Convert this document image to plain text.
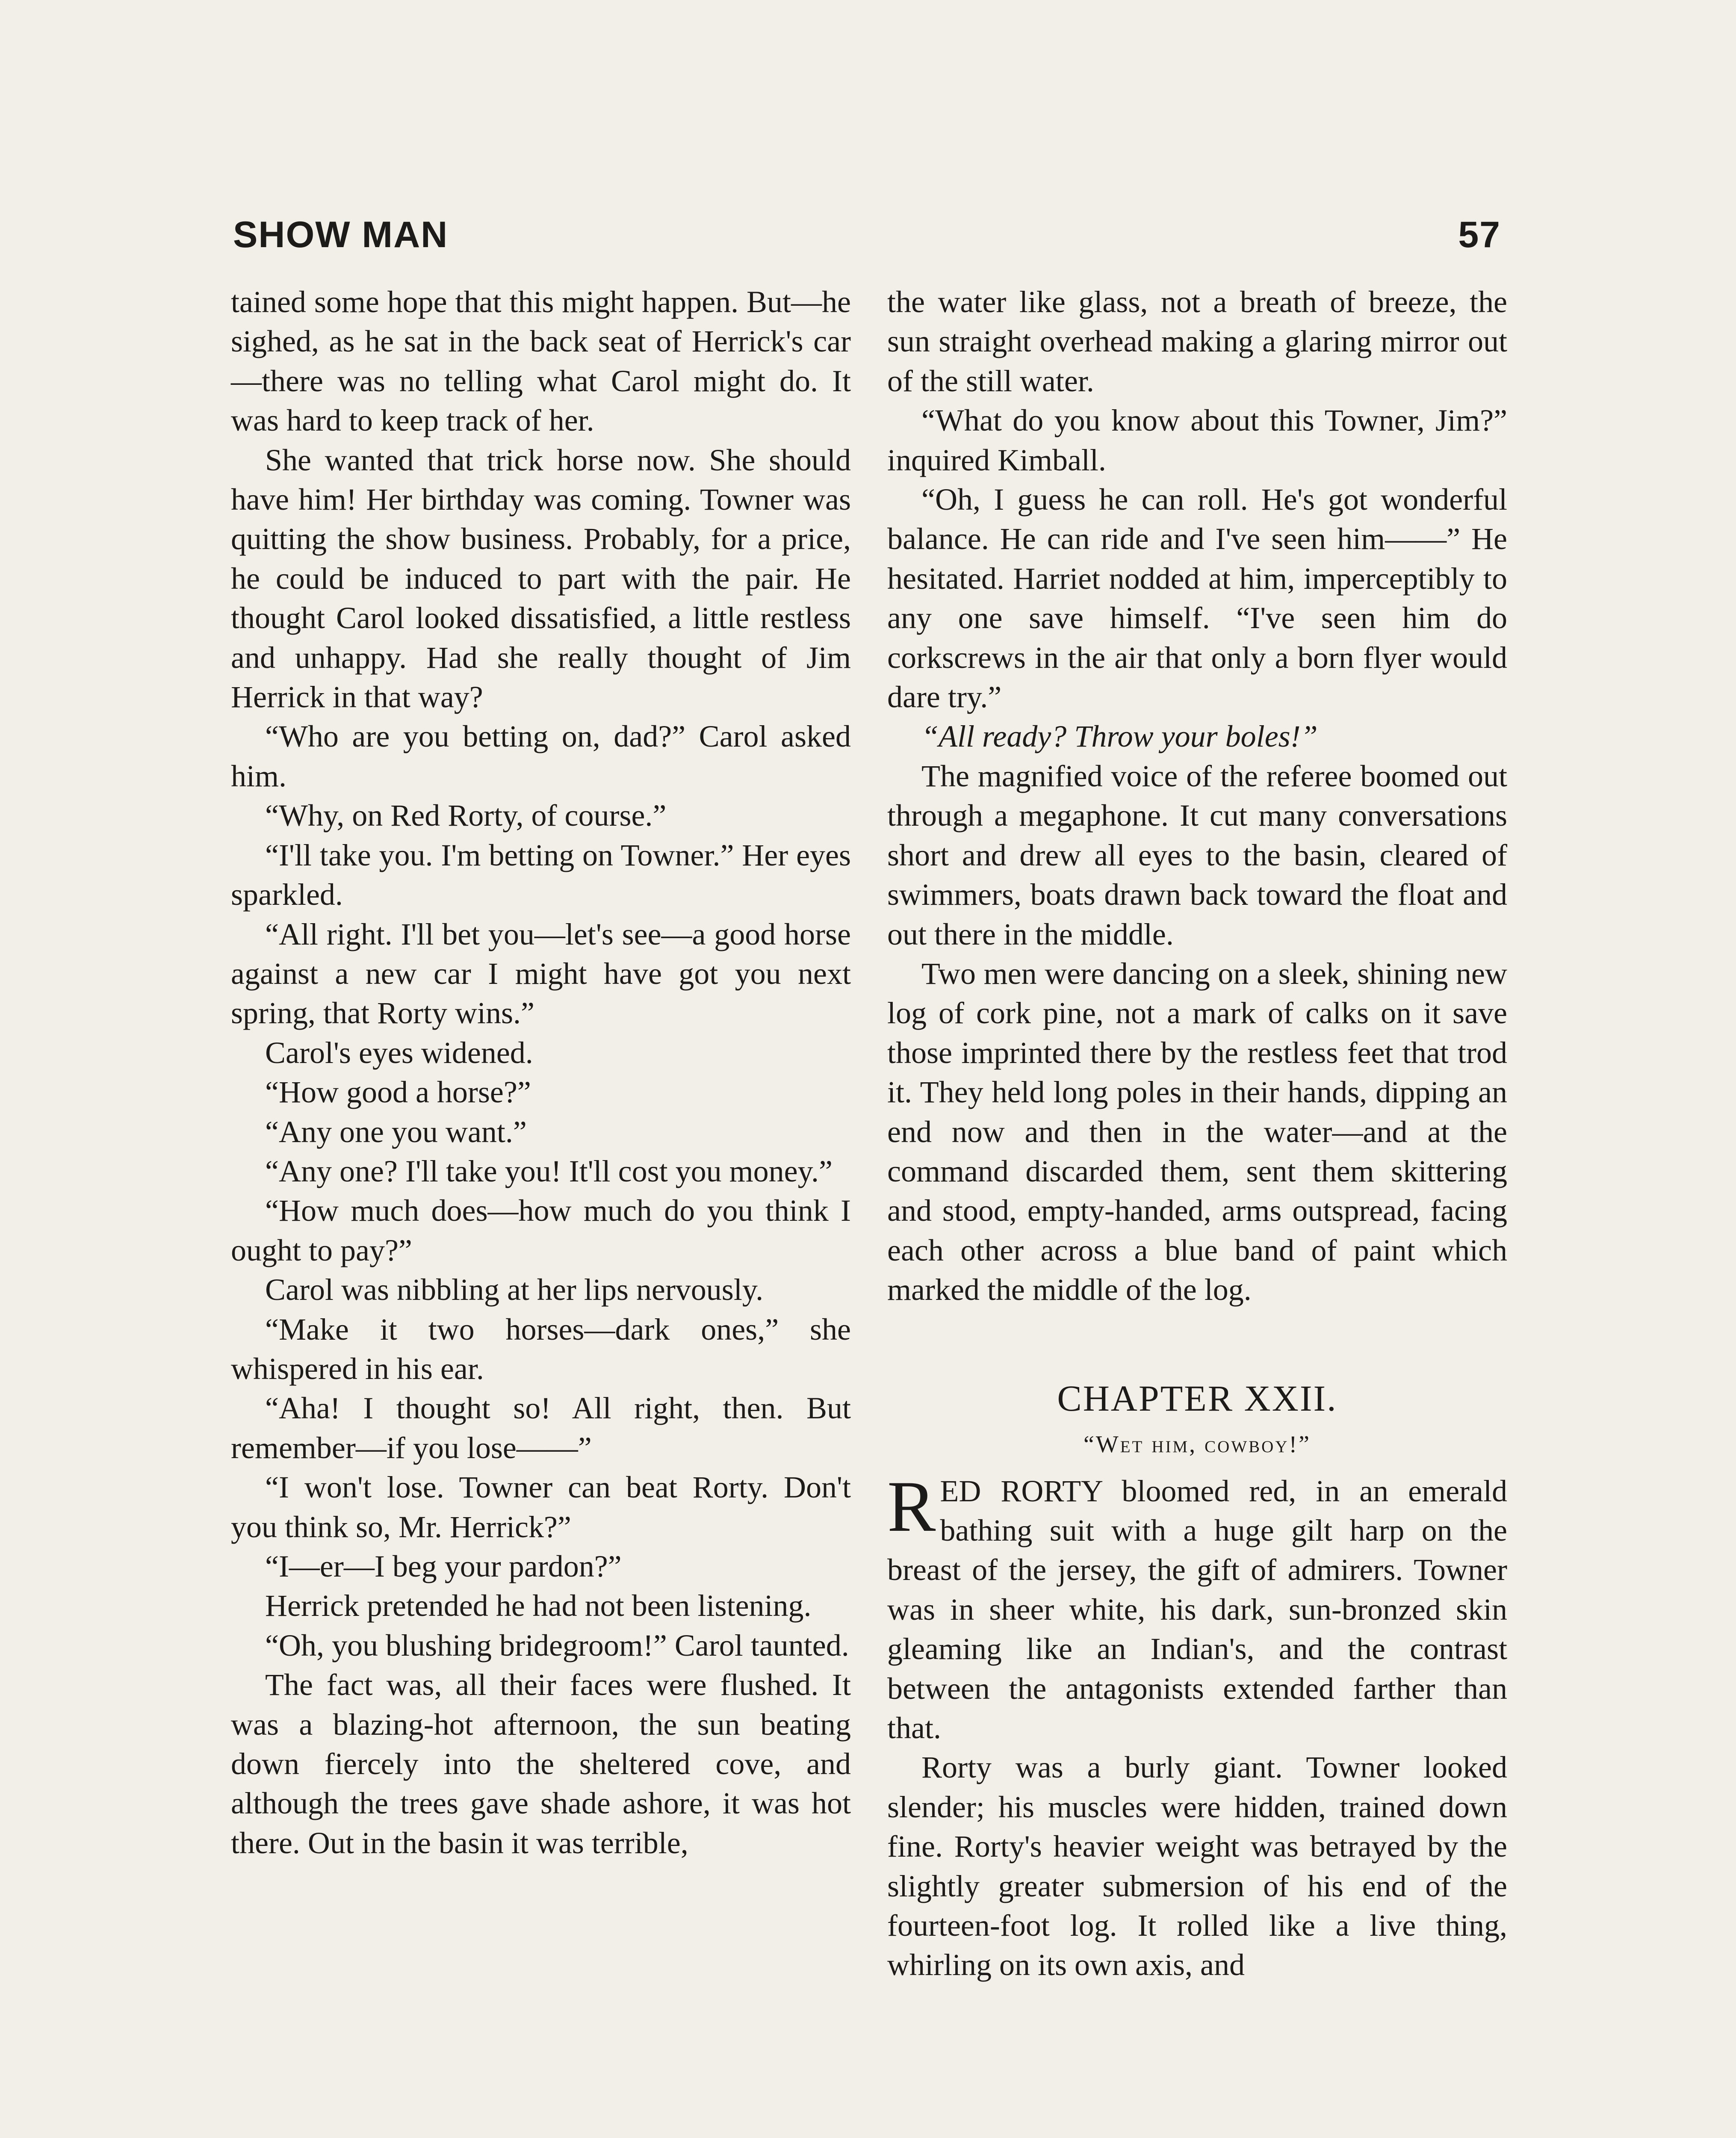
SHOW MAN	57

tained some hope that this might happen. But—he sighed, as he sat in the back seat of Herrick's car—there was no telling what Carol might do. It was hard to keep track of her.

She wanted that trick horse now. She should have him! Her birthday was coming. Towner was quitting the show business. Probably, for a price, he could be induced to part with the pair. He thought Carol looked dissatisfied, a little restless and unhappy. Had she really thought of Jim Herrick in that way?

“Who are you betting on, dad?” Carol asked him.

“Why, on Red Rorty, of course.”

“I'll take you. I'm betting on Towner.” Her eyes sparkled.

“All right. I'll bet you—let's see—a good horse against a new car I might have got you next spring, that Rorty wins.”

Carol's eyes widened.

“How good a horse?”

“Any one you want.”

“Any one? I'll take you! It'll cost you money.”

“How much does—how much do you think I ought to pay?”

Carol was nibbling at her lips nervously.

“Make it two horses—dark ones,” she whispered in his ear.

“Aha! I thought so! All right, then. But remember—if you lose——”

“I won't lose. Towner can beat Rorty. Don't you think so, Mr. Herrick?”

“I—er—I beg your pardon?”

Herrick pretended he had not been listening.

“Oh, you blushing bridegroom!” Carol taunted.

The fact was, all their faces were flushed. It was a blazing-hot afternoon, the sun beating down fiercely into the sheltered cove, and although the trees gave shade ashore, it was hot there. Out in the basin it was terrible,

the water like glass, not a breath of breeze, the sun straight overhead making a glaring mirror out of the still water.

“What do you know about this Towner, Jim?” inquired Kimball.

“Oh, I guess he can roll. He's got wonderful balance. He can ride and I've seen him——” He hesitated. Harriet nodded at him, imperceptibly to any one save himself. “I've seen him do corkscrews in the air that only a born flyer would dare try.”

“All ready? Throw your boles!”

The magnified voice of the referee boomed out through a megaphone. It cut many conversations short and drew all eyes to the basin, cleared of swimmers, boats drawn back toward the float and out there in the middle.

Two men were dancing on a sleek, shining new log of cork pine, not a mark of calks on it save those imprinted there by the restless feet that trod it. They held long poles in their hands, dipping an end now and then in the water—and at the command discarded them, sent them skittering and stood, empty-handed, arms outspread, facing each other across a blue band of paint which marked the middle of the log.

CHAPTER XXII.

“Wet him, cowboy!”

RED RORTY bloomed red, in an emerald bathing suit with a huge gilt harp on the breast of the jersey, the gift of admirers. Towner was in sheer white, his dark, sun-bronzed skin gleaming like an Indian's, and the contrast between the antagonists extended farther than that.

Rorty was a burly giant. Towner looked slender; his muscles were hidden, trained down fine. Rorty's heavier weight was betrayed by the slightly greater submersion of his end of the fourteen-foot log. It rolled like a live thing, whirling on its own axis, and
